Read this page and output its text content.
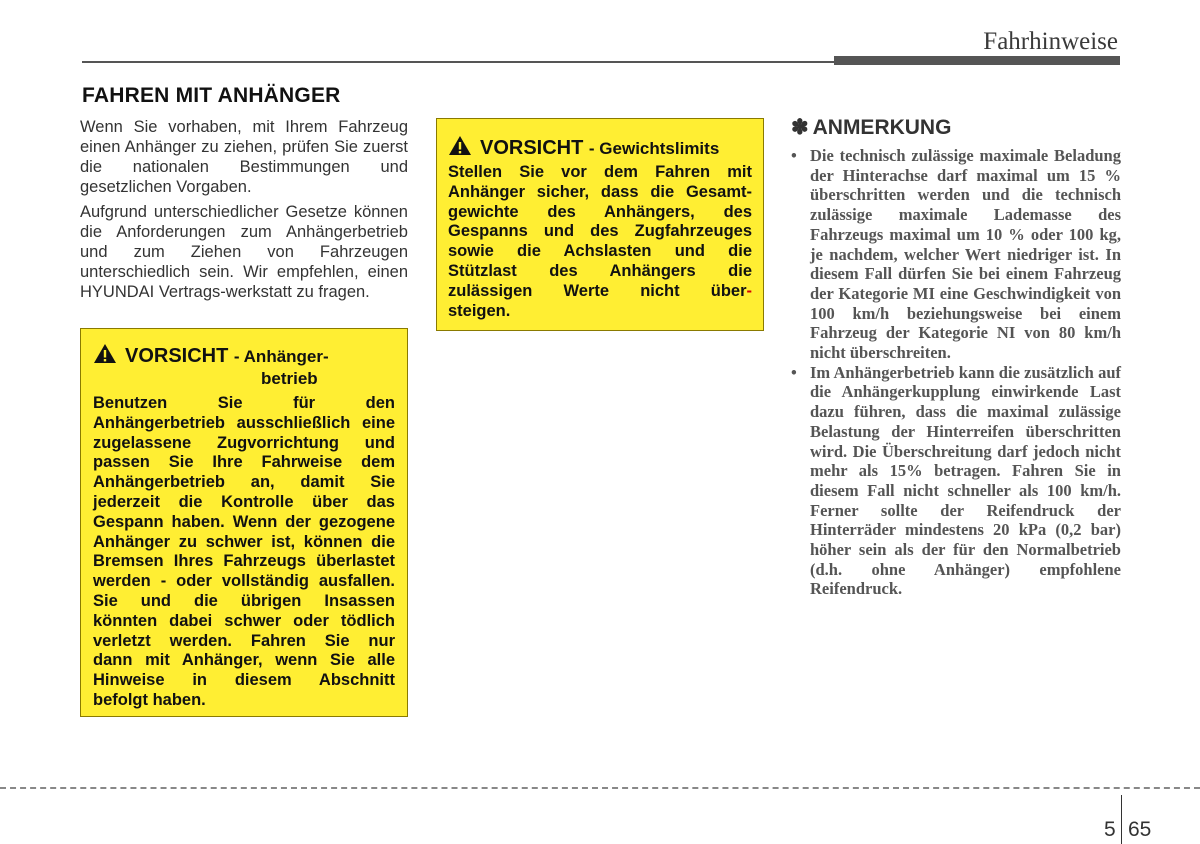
Fahrhinweise
FAHREN MIT ANHÄNGER

Wenn Sie vorhaben, mit Ihrem Fahrzeug einen Anhänger zu ziehen, prüfen Sie zuerst die nationalen Bestimmungen und gesetzlichen Vorgaben.

Aufgrund unterschiedlicher Gesetze können die Anforderungen zum Anhängerbetrieb und zum Ziehen von Fahrzeugen unterschiedlich sein. Wir empfehlen, einen HYUNDAI Vertrags-werkstatt zu fragen.

VORSICHT - Anhänger-
betrieb
Benutzen Sie für den
Anhängerbetrieb ausschließlich eine
zugelassene Zugvorrichtung und
passen Sie Ihre Fahrweise dem
Anhängerbetrieb an, damit Sie
jederzeit die Kontrolle über das
Gespann haben. Wenn der gezogene
Anhänger zu schwer ist, können die
Bremsen Ihres Fahrzeugs überlastet
werden - oder vollständig ausfallen.
Sie und die übrigen Insassen
könnten dabei schwer oder tödlich
verletzt werden. Fahren Sie nur
dann mit Anhänger, wenn Sie alle
Hinweise in diesem Abschnitt
befolgt haben.
VORSICHT - Gewichtslimits
Stellen Sie vor dem Fahren mit
Anhänger sicher, dass die Gesamt-
gewichte des Anhängers, des
Gespanns und des Zugfahrzeuges
sowie die Achslasten und die
Stützlast des Anhängers die
zulässigen Werte nicht über-
steigen.
✽ ANMERKUNG
• Die technisch zulässige maximale Beladung der Hinterachse darf maximal um 15 % überschritten werden und die technisch zulässige maximale Lademasse des Fahrzeugs maximal um 10 % oder 100 kg, je nachdem, welcher Wert niedriger ist. In diesem Fall dürfen Sie bei einem Fahrzeug der Kategorie MI eine Geschwindigkeit von 100 km/h beziehungsweise bei einem Fahrzeug der Kategorie NI von 80 km/h nicht überschreiten.
• Im Anhängerbetrieb kann die zusätzlich auf die Anhängerkupplung einwirkende Last dazu führen, dass die maximal zulässige Belastung der Hinterreifen überschritten wird. Die Überschreitung darf jedoch nicht mehr als 15% betragen. Fahren Sie in diesem Fall nicht schneller als 100 km/h. Ferner sollte der Reifendruck der Hinterräder mindestens 20 kPa (0,2 bar) höher sein als der für den Normalbetrieb (d.h. ohne Anhänger) empfohlene Reifendruck.
5 65
